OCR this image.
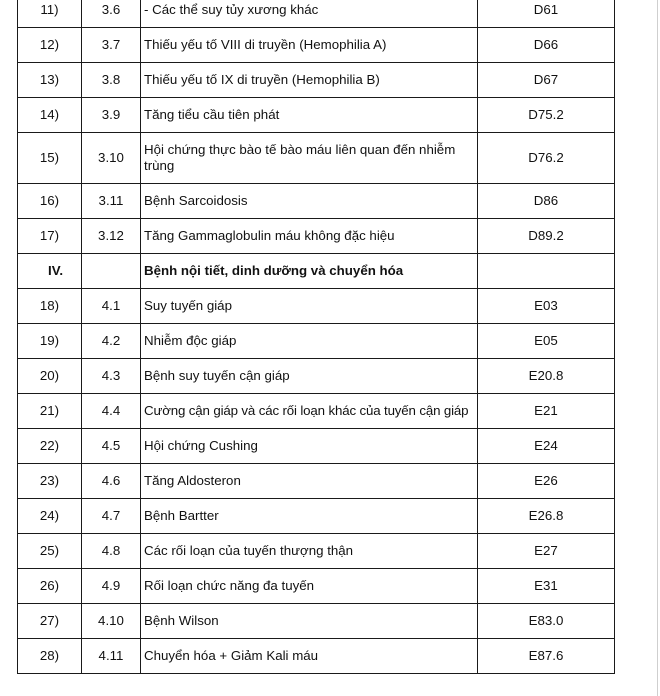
11)	3.6	- Các thể suy tủy xương khác	D61
12)	3.7	Thiếu yếu tố VIII di truyền (Hemophilia A)	D66
13)	3.8	Thiếu yếu tố IX di truyền (Hemophilia B)	D67
14)	3.9	Tăng tiểu cầu tiên phát	D75.2
15)	3.10	Hội chứng thực bào tế bào máu liên quan đến nhiễm trùng	D76.2
16)	3.11	Bệnh Sarcoidosis	D86
17)	3.12	Tăng Gammaglobulin máu không đặc hiệu	D89.2
IV.		Bệnh nội tiết, dinh dưỡng và chuyển hóa	
18)	4.1	Suy tuyến giáp	E03
19)	4.2	Nhiễm độc giáp	E05
20)	4.3	Bệnh suy tuyến cận giáp	E20.8
21)	4.4	Cường cận giáp và các rối loạn khác của tuyến cận giáp	E21
22)	4.5	Hội chứng Cushing	E24
23)	4.6	Tăng Aldosteron	E26
24)	4.7	Bệnh Bartter	E26.8
25)	4.8	Các rối loạn của tuyến thượng thận	E27
26)	4.9	Rối loạn chức năng đa tuyến	E31
27)	4.10	Bệnh Wilson	E83.0
28)	4.11	Chuyển hóa + Giảm Kali máu	E87.6
